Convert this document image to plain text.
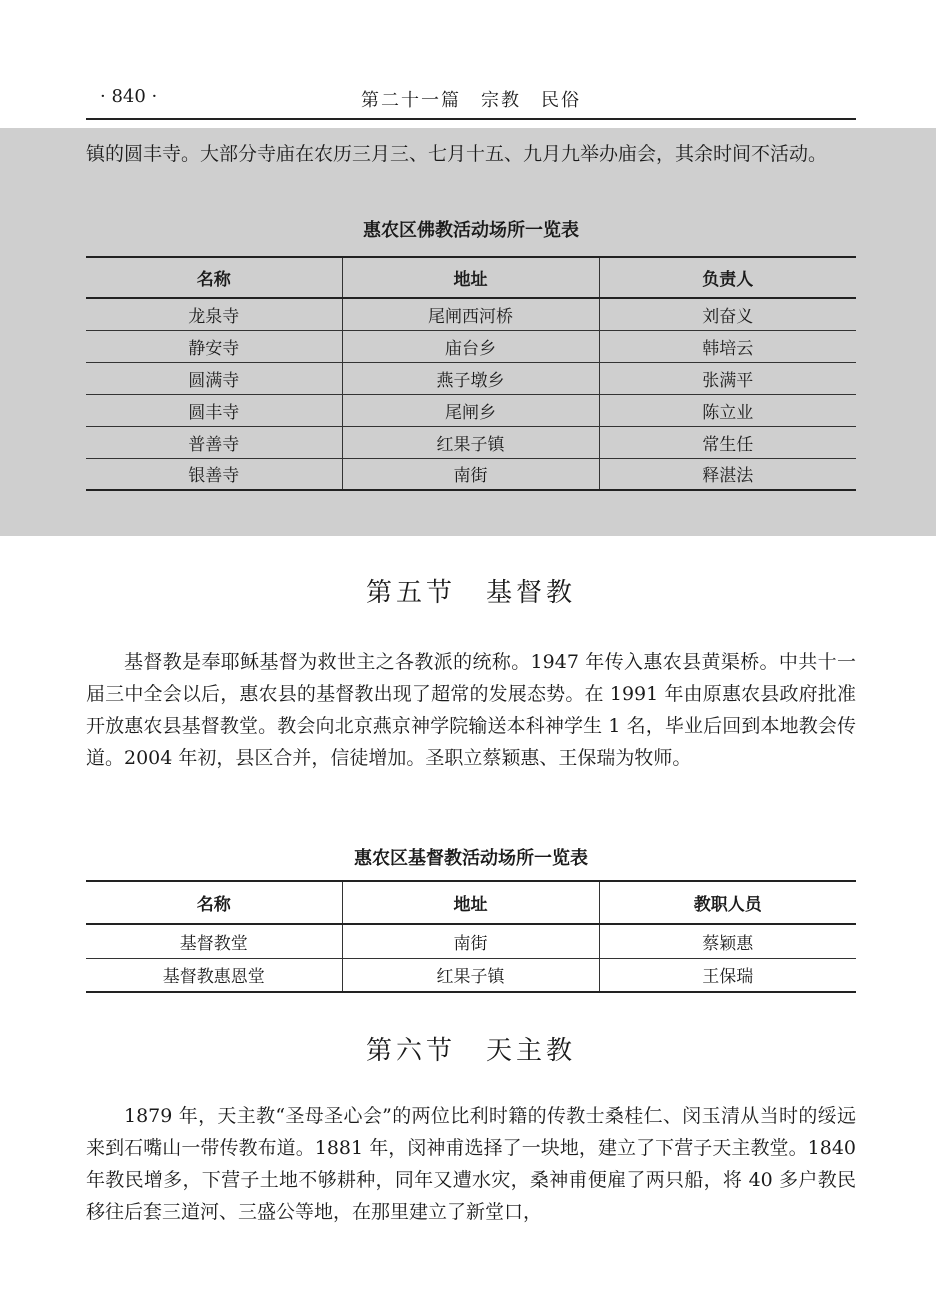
· 840 ·	第二十一篇　宗教　民俗

镇的圆丰寺。大部分寺庙在农历三月三、七月十五、九月九举办庙会，其余时间不活动。

惠农区佛教活动场所一览表
名称	地址	负责人
龙泉寺	尾闸西河桥	刘奋义
静安寺	庙台乡	韩培云
圆满寺	燕子墩乡	张满平
圆丰寺	尾闸乡	陈立业
普善寺	红果子镇	常生任
银善寺	南街	释湛法
第五节　基督教

基督教是奉耶稣基督为救世主之各教派的统称。1947 年传入惠农县黄渠桥。中共十一届三中全会以后，惠农县的基督教出现了超常的发展态势。在 1991 年由原惠农县政府批准开放惠农县基督教堂。教会向北京燕京神学院输送本科神学生 1 名，毕业后回到本地教会传道。2004 年初，县区合并，信徒增加。圣职立蔡颖惠、王保瑞为牧师。

惠农区基督教活动场所一览表
名称	地址	教职人员
基督教堂	南街	蔡颖惠
基督教惠恩堂	红果子镇	王保瑞
第六节　天主教

1879 年，天主教“圣母圣心会”的两位比利时籍的传教士桑桂仁、闵玉清从当时的绥远来到石嘴山一带传教布道。1881 年，闵神甫选择了一块地，建立了下营子天主教堂。1840 年教民增多，下营子土地不够耕种，同年又遭水灾，桑神甫便雇了两只船，将 40 多户教民移往后套三道河、三盛公等地，在那里建立了新堂口，
